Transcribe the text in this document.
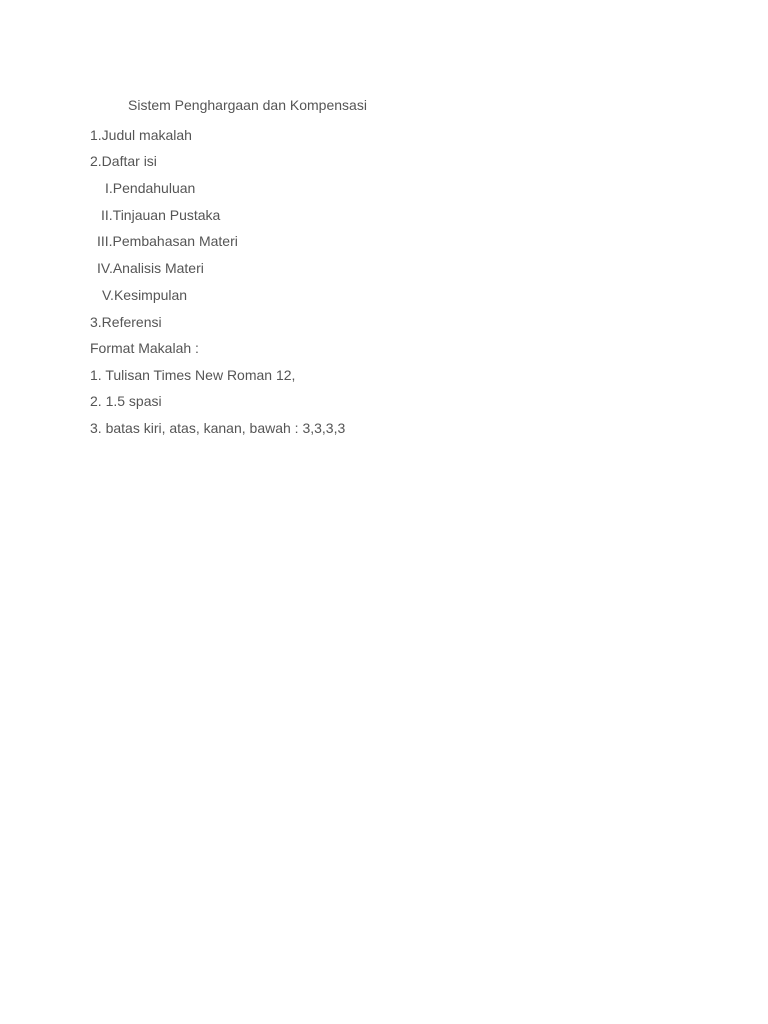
Sistem Penghargaan dan Kompensasi
1.Judul makalah
2.Daftar isi
I.Pendahuluan
II.Tinjauan Pustaka
III.Pembahasan Materi
IV.Analisis Materi
V.Kesimpulan
3.Referensi
Format Makalah :
1. Tulisan Times New Roman 12,
2. 1.5 spasi
3. batas kiri, atas, kanan, bawah : 3,3,3,3
